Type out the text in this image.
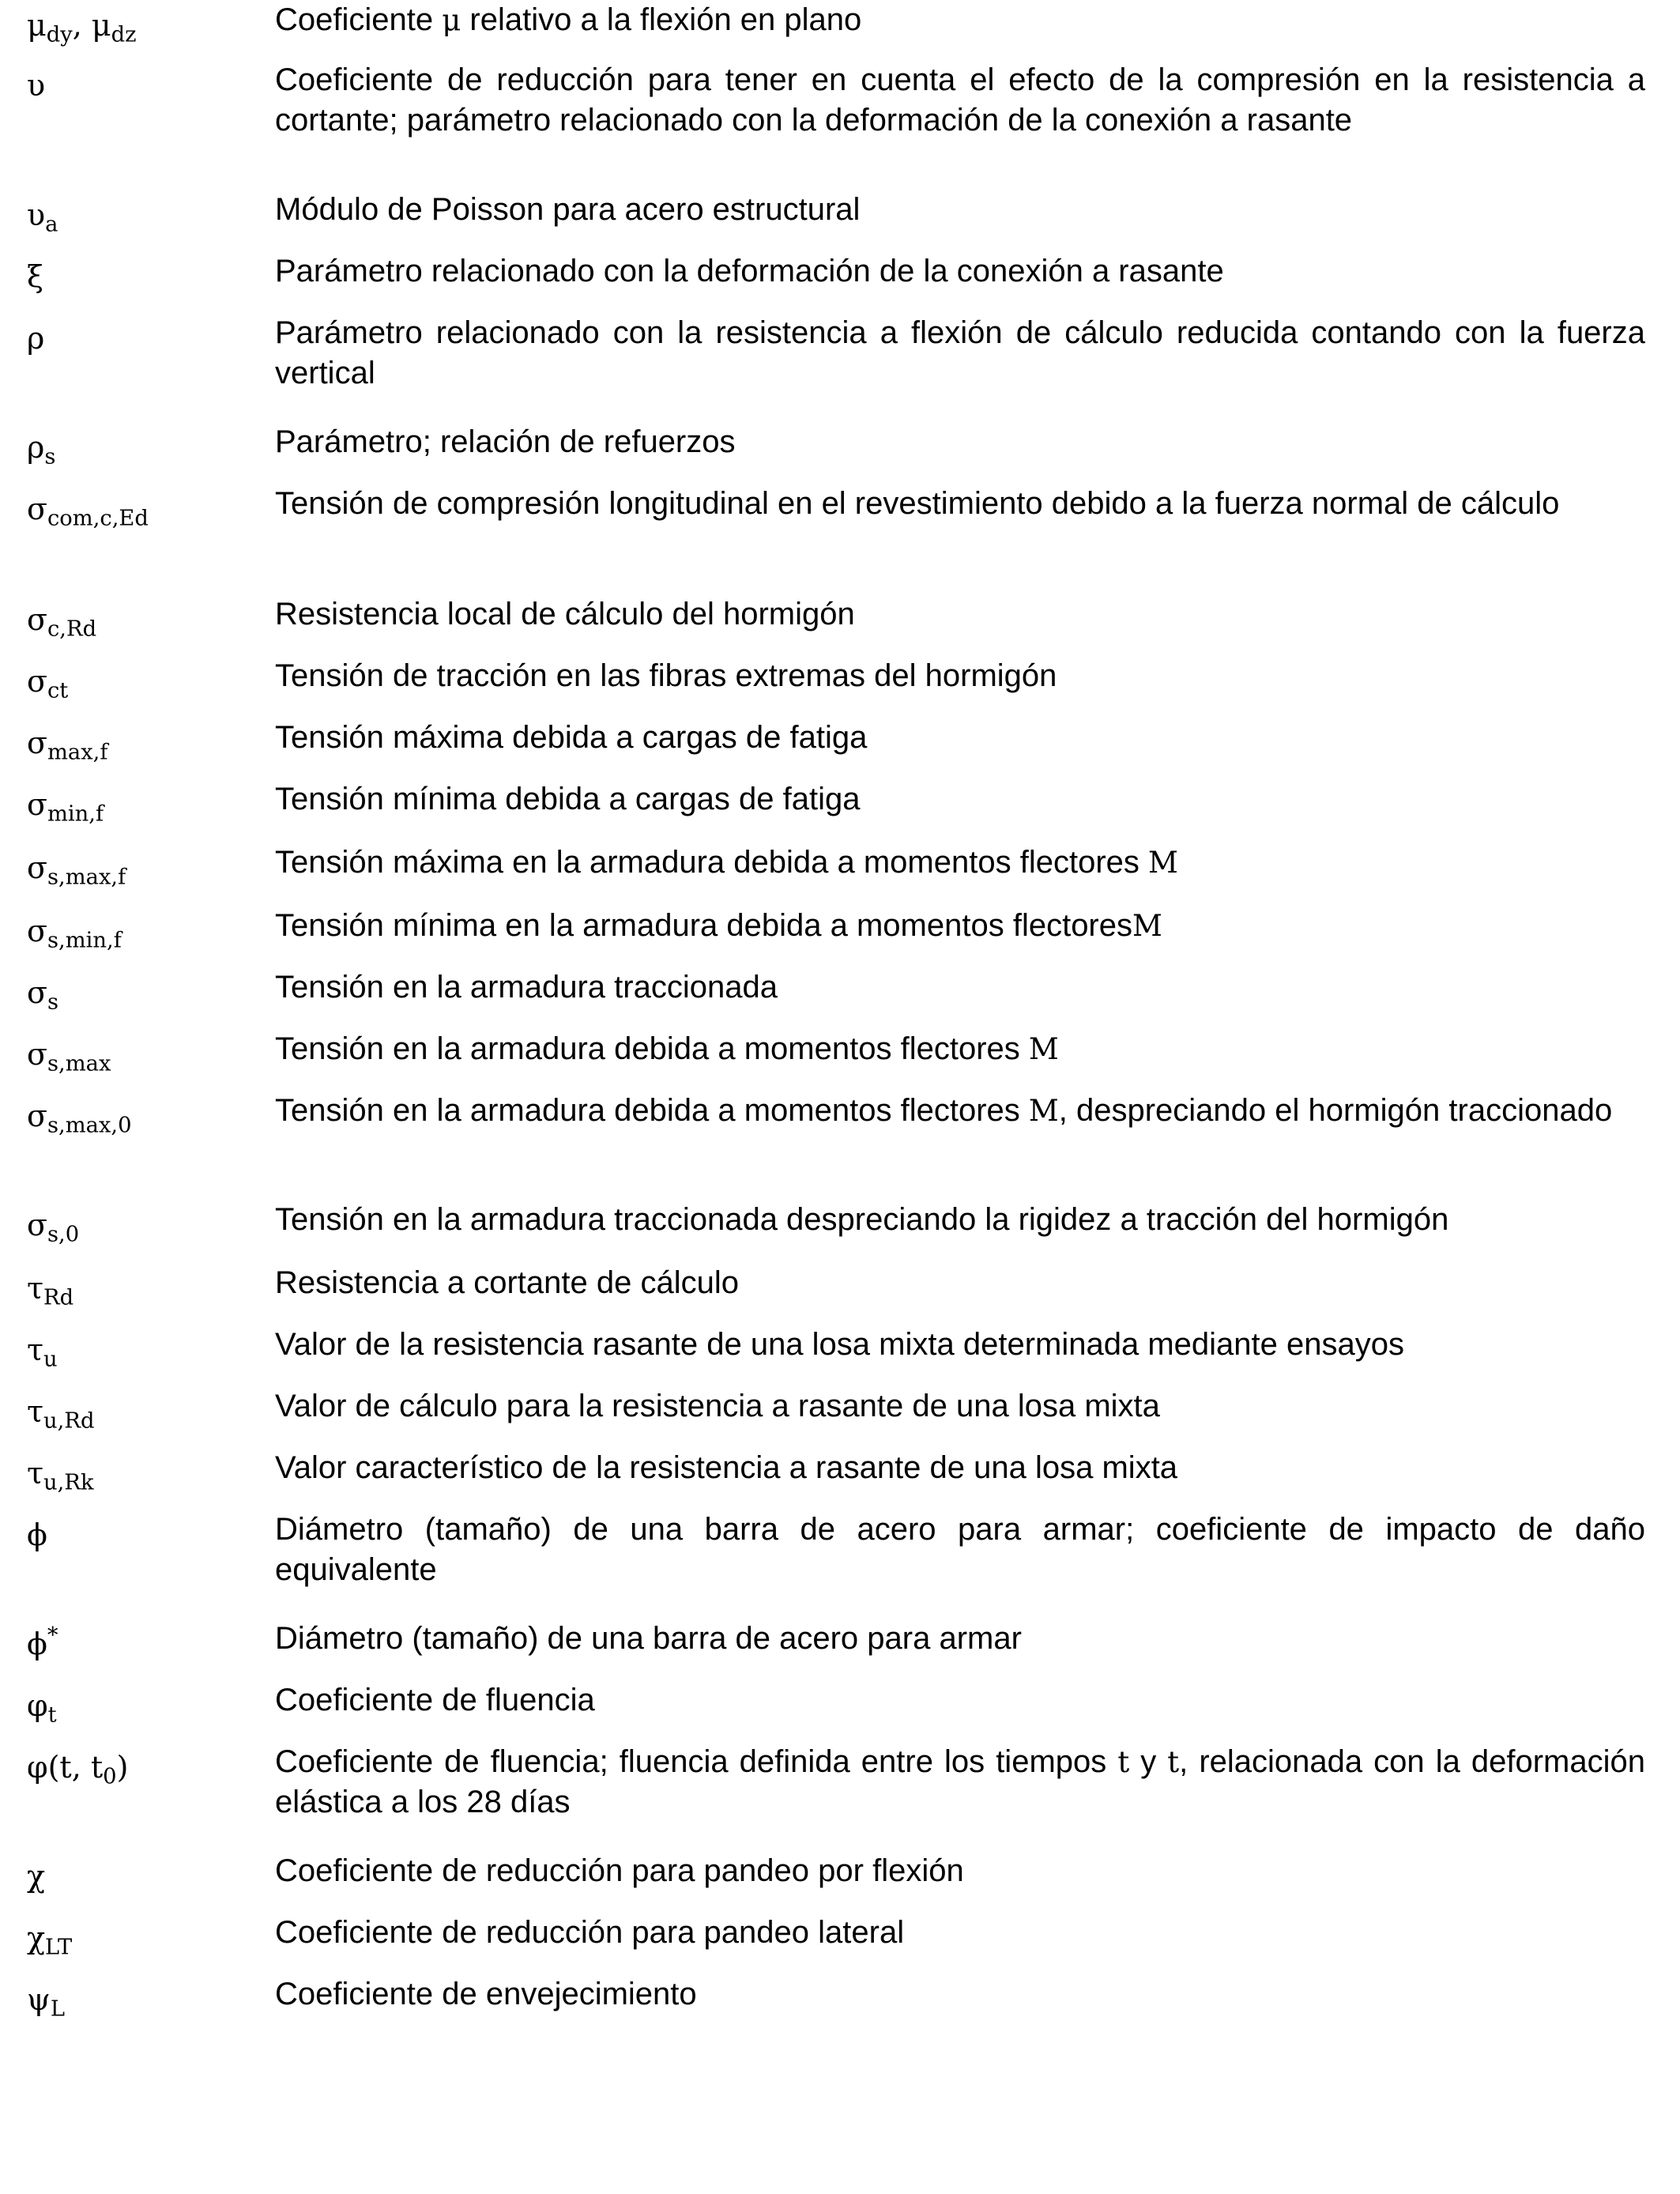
$\mu_{dy}$, $\mu_{dz}$	Coeficiente μ relativo a la flexión en plano
υ	Coeficiente de reducción para tener en cuenta el efecto de la compresión en la resistencia a cortante; parámetro relacionado con la deformación de la conexión a rasante
$\upsilon_a$	Módulo de Poisson para acero estructural
ξ	Parámetro relacionado con la deformación de la conexión a rasante
ρ	Parámetro relacionado con la resistencia a flexión de cálculo reducida contando con la fuerza vertical
$\rho_s$	Parámetro; relación de refuerzos
$\sigma_{com,c,Ed}$	Tensión de compresión longitudinal en el revestimiento debido a la fuerza normal de cálculo
$\sigma_{c,Rd}$	Resistencia local de cálculo del hormigón
$\sigma_{ct}$	Tensión de tracción en las fibras extremas del hormigón
$\sigma_{max,f}$	Tensión máxima debida a cargas de fatiga
$\sigma_{min,f}$	Tensión mínima debida a cargas de fatiga
$\sigma_{s,max,f}$	Tensión máxima en la armadura debida a momentos flectores M
$\sigma_{s,min,f}$	Tensión mínima en la armadura debida a momentos flectoresM
$\sigma_s$	Tensión en la armadura traccionada
$\sigma_{s,max}$	Tensión en la armadura debida a momentos flectores M
$\sigma_{s,max,0}$	Tensión en la armadura debida a momentos flectores M, despreciando el hormigón traccionado
$\sigma_{s,0}$	Tensión en la armadura traccionada despreciando la rigidez a tracción del hormigón
$\tau_{Rd}$	Resistencia a cortante de cálculo
$\tau_u$	Valor de la resistencia rasante de una losa mixta determinada mediante ensayos
$\tau_{u,Rd}$	Valor de cálculo para la resistencia a rasante de una losa mixta
$\tau_{u,Rk}$	Valor característico de la resistencia a rasante de una losa mixta
ϕ	Diámetro (tamaño) de una barra de acero para armar; coeficiente de impacto de daño equivalente
ϕ*	Diámetro (tamaño) de una barra de acero para armar
$\varphi_t$	Coeficiente de fluencia
φ(t, $t_0$)	Coeficiente de fluencia; fluencia definida entre los tiempos t y t, relacionada con la deformación elástica a los 28 días
χ	Coeficiente de reducción para pandeo por flexión
$\chi_{LT}$	Coeficiente de reducción para pandeo lateral
$\psi_L$	Coeficiente de envejecimiento
